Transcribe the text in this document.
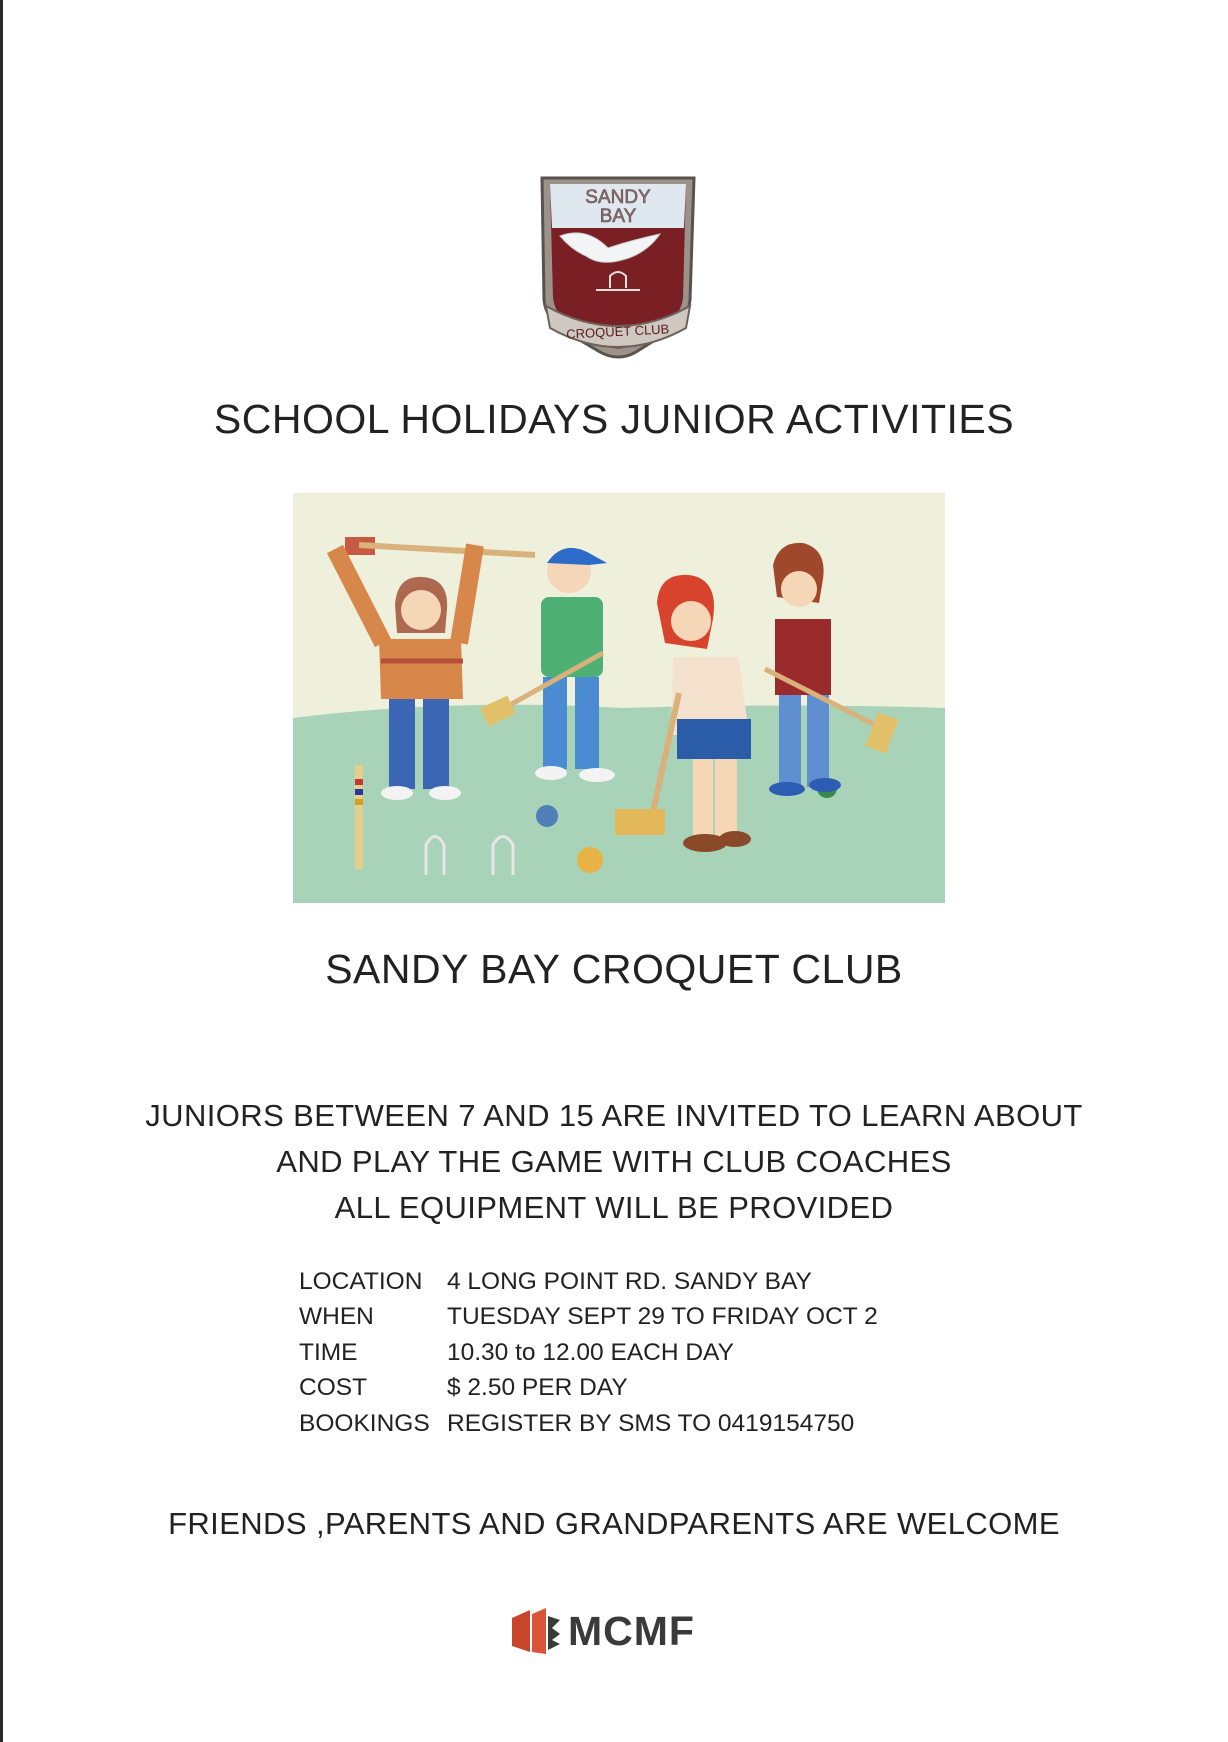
SANDY
BAY
CROQUET CLUB
SCHOOL HOLIDAYS JUNIOR ACTIVITIES
SANDY BAY CROQUET CLUB
JUNIORS BETWEEN 7 AND 15 ARE INVITED TO LEARN ABOUT
AND PLAY THE GAME WITH CLUB COACHES
ALL EQUIPMENT WILL BE PROVIDED
LOCATION	4 LONG POINT RD. SANDY BAY
WHEN	TUESDAY SEPT 29 TO FRIDAY OCT 2
TIME	10.30 to 12.00 EACH DAY
COST	$ 2.50 PER DAY
BOOKINGS REGISTER BY SMS TO 0419154750
FRIENDS ,PARENTS AND GRANDPARENTS ARE WELCOME
MCMF
